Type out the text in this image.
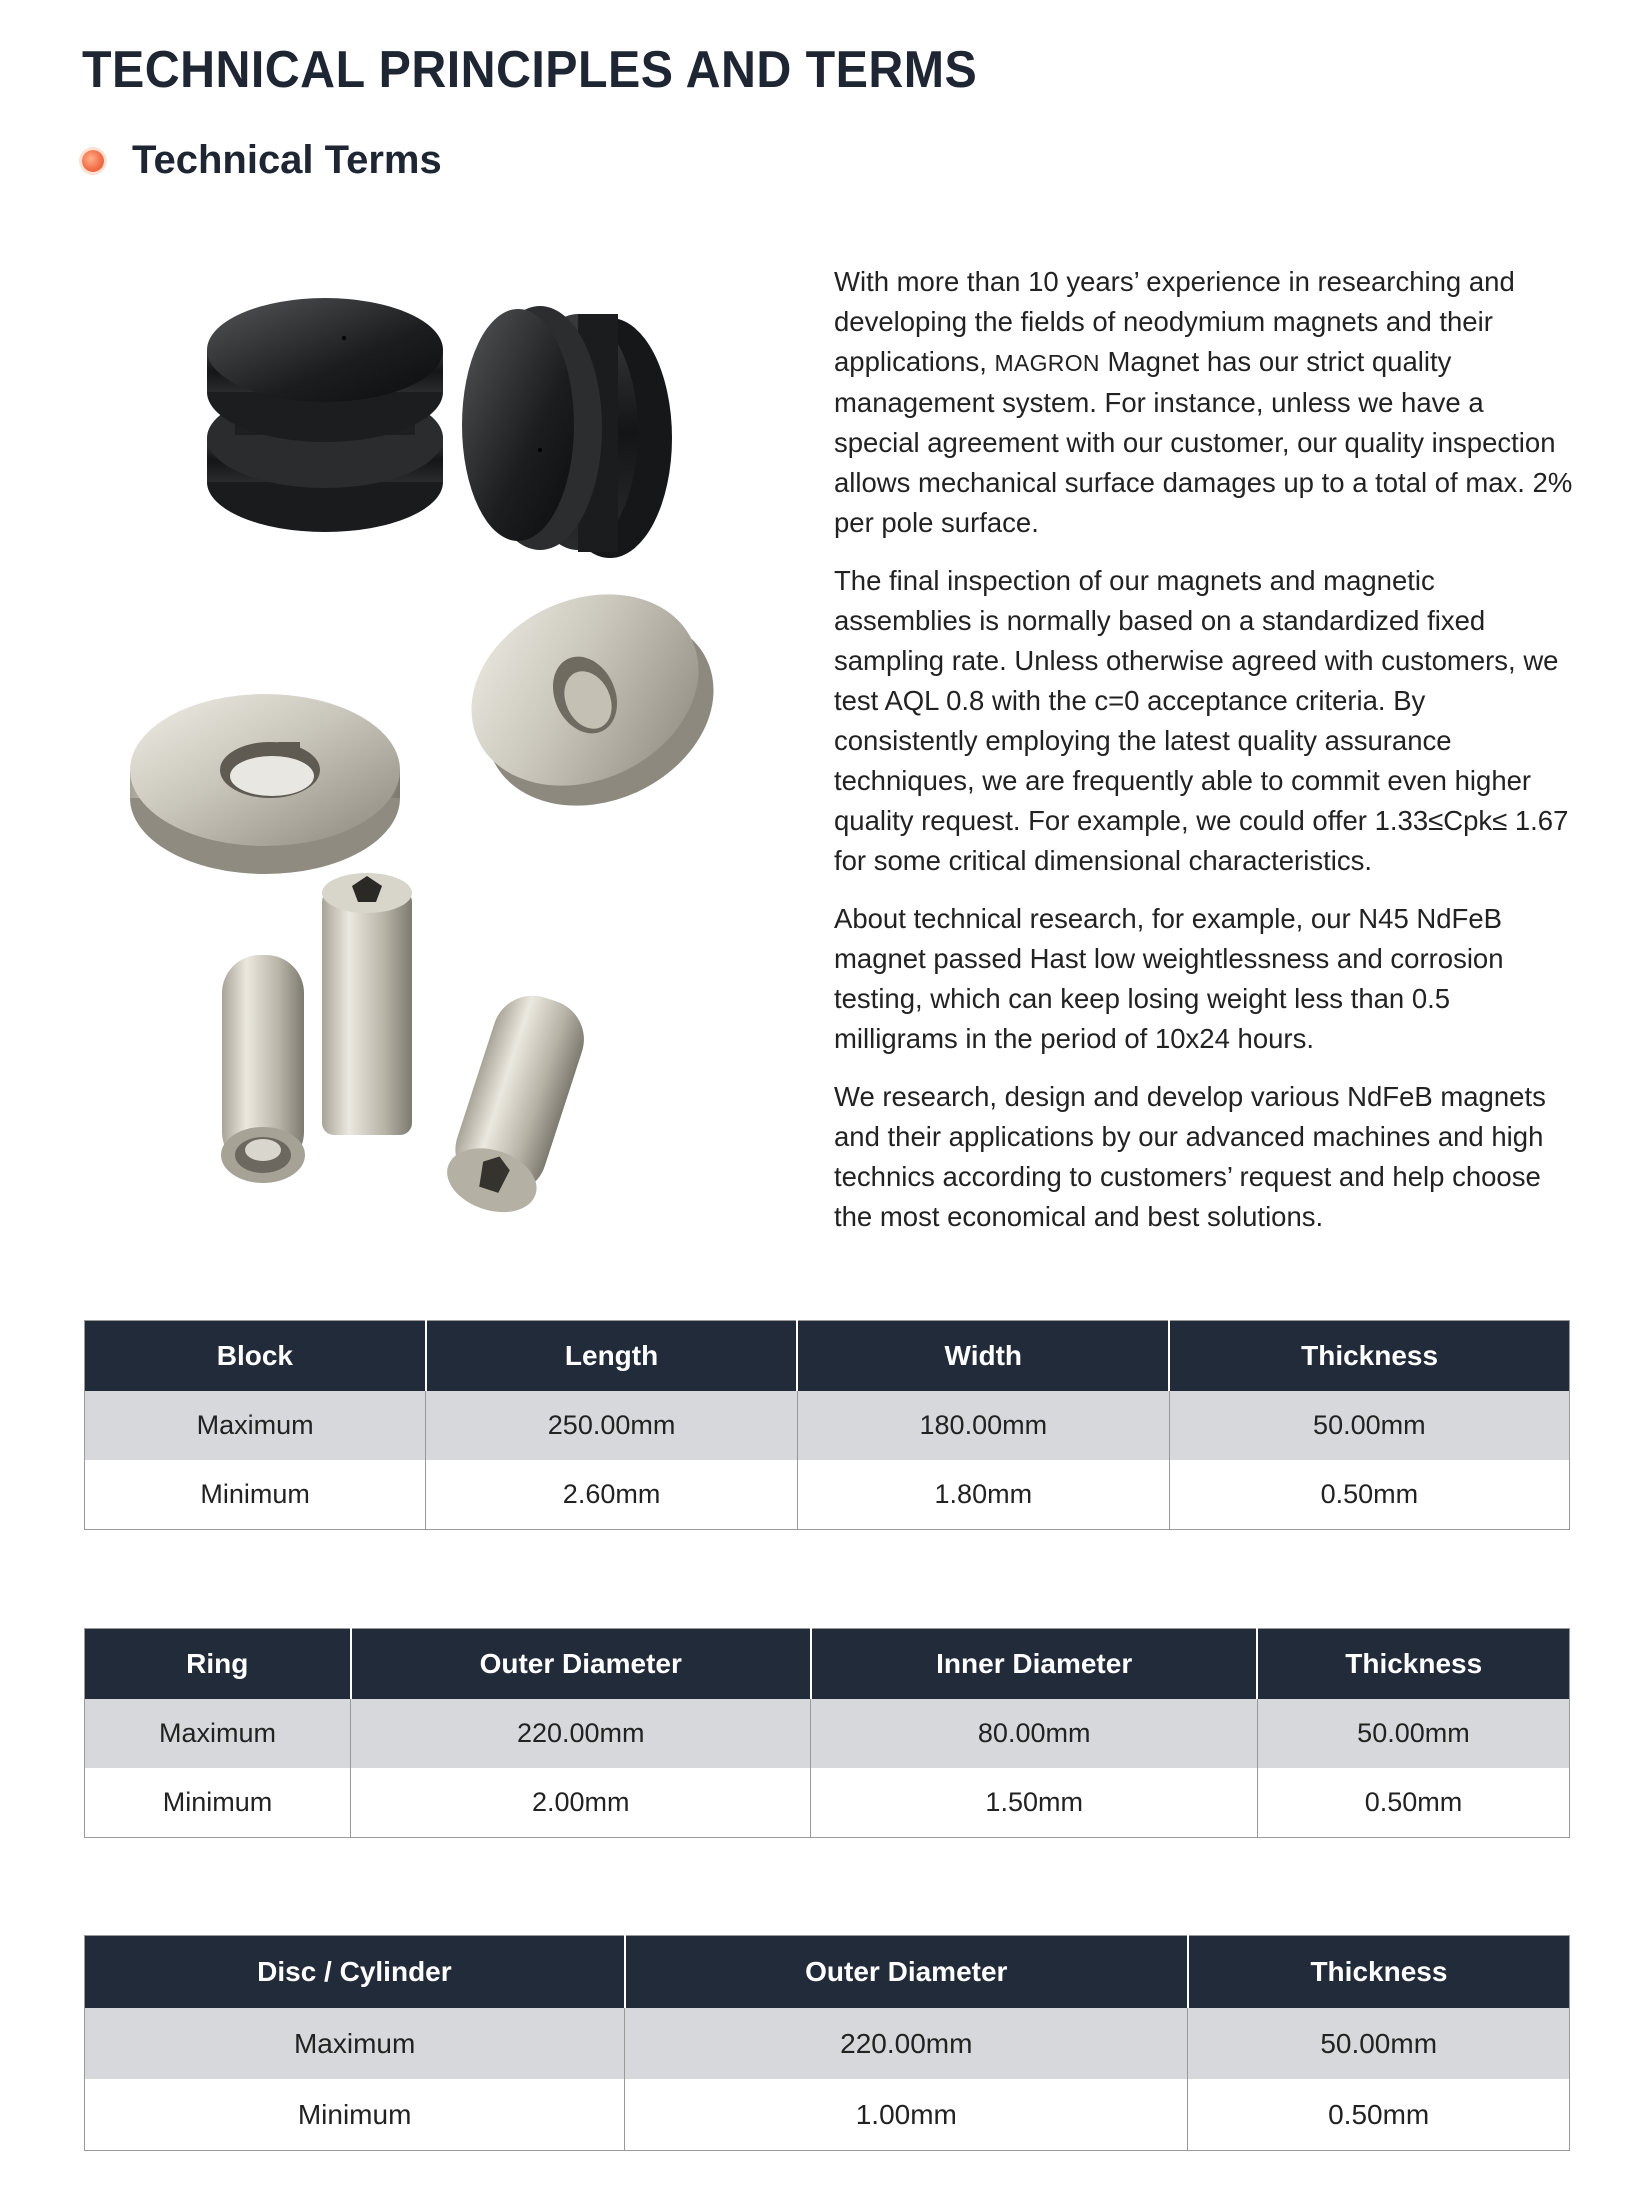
TECHNICAL PRINCIPLES AND TERMS
Technical Terms

With more than 10 years’ experience in researching and developing the fields of neodymium magnets and their applications, MAGRON Magnet has our strict quality management system. For instance, unless we have a special agreement with our customer, our quality inspection allows mechanical surface damages up to a total of max. 2% per pole surface.

The final inspection of our magnets and magnetic assemblies is normally based on a standardized fixed sampling rate. Unless otherwise agreed with customers, we test AQL 0.8 with the c=0 acceptance criteria. By consistently employing the latest quality assurance techniques, we are frequently able to commit even higher quality request. For example, we could offer 1.33≤Cpk≤ 1.67 for some critical dimensional characteristics.

About technical research, for example, our N45 NdFeB magnet passed Hast low weightlessness and corrosion testing, which can keep losing weight less than 0.5 milligrams in the period of 10x24 hours.

We research, design and develop various NdFeB magnets and their applications by our advanced machines and high technics according to customers’ request and help choose the most economical and best solutions.

Block	Length	Width	Thickness
Maximum	250.00mm	180.00mm	50.00mm
Minimum	2.60mm	1.80mm	0.50mm
Ring	Outer Diameter	Inner Diameter	Thickness
Maximum	220.00mm	80.00mm	50.00mm
Minimum	2.00mm	1.50mm	0.50mm
Disc / Cylinder	Outer Diameter	Thickness
Maximum	220.00mm	50.00mm
Minimum	1.00mm	0.50mm
